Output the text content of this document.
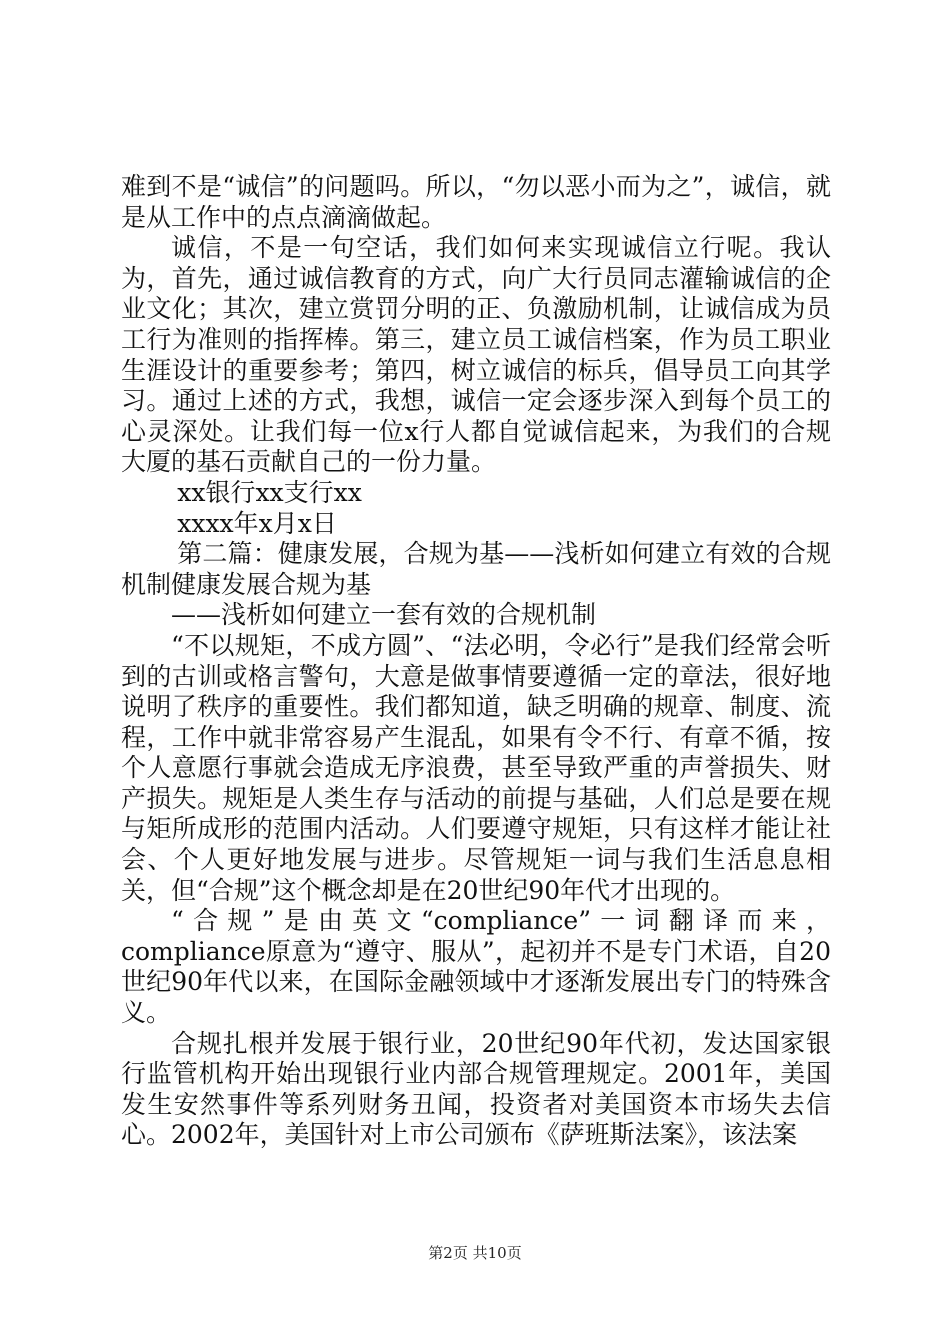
难到不是“诚信”的问题吗。所以，“勿以恶小而为之”，诚信，就是从工作中的点点滴滴做起。

诚信，不是一句空话，我们如何来实现诚信立行呢。我认为，首先，通过诚信教育的方式，向广大行员同志灌输诚信的企业文化；其次，建立赏罚分明的正、负激励机制，让诚信成为员工行为准则的指挥棒。第三，建立员工诚信档案，作为员工职业生涯设计的重要参考；第四，树立诚信的标兵，倡导员工向其学习。通过上述的方式，我想，诚信一定会逐步深入到每个员工的心灵深处。让我们每一位x行人都自觉诚信起来，为我们的合规大厦的基石贡献自己的一份力量。

xx银行xx支行xx

xxxx年x月x日

第二篇：健康发展，合规为基——浅析如何建立有效的合规机制健康发展合规为基

——浅析如何建立一套有效的合规机制

“不以规矩，不成方圆”、“法必明，令必行”是我们经常会听到的古训或格言警句，大意是做事情要遵循一定的章法，很好地说明了秩序的重要性。我们都知道，缺乏明确的规章、制度、流程，工作中就非常容易产生混乱，如果有令不行、有章不循，按个人意愿行事就会造成无序浪费，甚至导致严重的声誉损失、财产损失。规矩是人类生存与活动的前提与基础，人们总是要在规与矩所成形的范围内活动。人们要遵守规矩，只有这样才能让社会、个人更好地发展与进步。尽管规矩一词与我们生活息息相关，但“合规”这个概念却是在20世纪90年代才出现的。

“合规”是由英文“compliance”一词翻译而来，compliance原意为“遵守、服从”，起初并不是专门术语，自20世纪90年代以来，在国际金融领域中才逐渐发展出专门的特殊含义。

合规扎根并发展于银行业，20世纪90年代初，发达国家银行监管机构开始出现银行业内部合规管理规定。2001年，美国发生安然事件等系列财务丑闻，投资者对美国资本市场失去信心。2002年，美国针对上市公司颁布《萨班斯法案》，该法案

第2页 共10页
